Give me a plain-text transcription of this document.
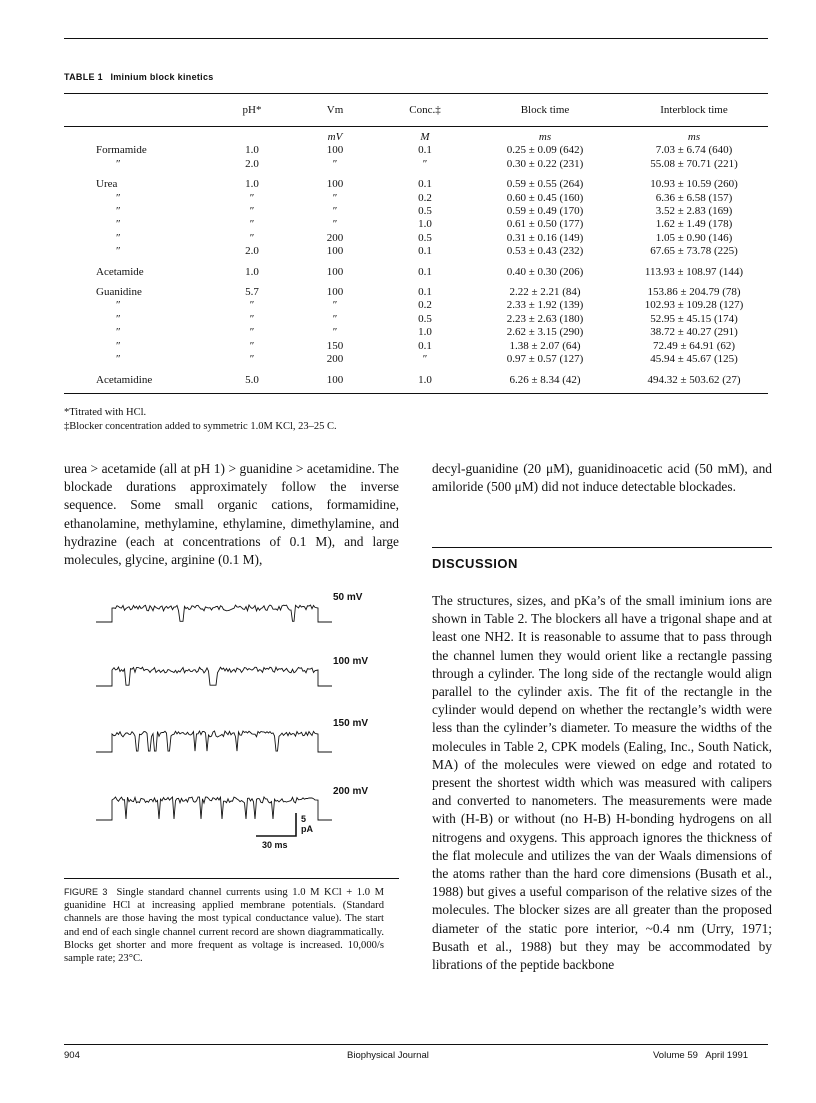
TABLE 1 Iminium block kinetics
	pH*	Vm	Conc.‡	Block time	Interblock time
		mV	M	ms	ms
Formamide	1.0	100	0.1	0.25 ± 0.09 (642)	7.03 ± 6.74 (640)
″	2.0	″	″	0.30 ± 0.22 (231)	55.08 ± 70.71 (221)
Urea	1.0	100	0.1	0.59 ± 0.55 (264)	10.93 ± 10.59 (260)
″	″	″	0.2	0.60 ± 0.45 (160)	6.36 ± 6.58 (157)
″	″	″	0.5	0.59 ± 0.49 (170)	3.52 ± 2.83 (169)
″	″	″	1.0	0.61 ± 0.50 (177)	1.62 ± 1.49 (178)
″	″	200	0.5	0.31 ± 0.16 (149)	1.05 ± 0.90 (146)
″	2.0	100	0.1	0.53 ± 0.43 (232)	67.65 ± 73.78 (225)
Acetamide	1.0	100	0.1	0.40 ± 0.30 (206)	113.93 ± 108.97 (144)
Guanidine	5.7	100	0.1	2.22 ± 2.21 (84)	153.86 ± 204.79 (78)
″	″	″	0.2	2.33 ± 1.92 (139)	102.93 ± 109.28 (127)
″	″	″	0.5	2.23 ± 2.63 (180)	52.95 ± 45.15 (174)
″	″	″	1.0	2.62 ± 3.15 (290)	38.72 ± 40.27 (291)
″	″	150	0.1	1.38 ± 2.07 (64)	72.49 ± 64.91 (62)
″	″	200	″	0.97 ± 0.57 (127)	45.94 ± 45.67 (125)
Acetamidine	5.0	100	1.0	6.26 ± 8.34 (42)	494.32 ± 503.62 (27)
*Titrated with HCl.
‡Blocker concentration added to symmetric 1.0M KCl, 23–25 C.

urea > acetamide (all at pH 1) > guanidine > acetamidine. The blockade durations approximately follow the inverse sequence. Some small organic cations, formamidine, ethanolamine, methylamine, ethylamine, dimethylamine, and hydrazine (each at concentrations of 0.1 M), and large molecules, glycine, arginine (0.1 M),

decyl-guanidine (20 μM), guanidinoacetic acid (50 mM), and amiloride (500 μM) did not induce detectable blockades.

DISCUSSION

The structures, sizes, and pKa’s of the small iminium ions are shown in Table 2. The blockers all have a trigonal shape and at least one NH2. It is reasonable to assume that to pass through the channel lumen they would orient like a rectangle passing through a cylinder. The long side of the rectangle would align parallel to the cylinder axis. The fit of the rectangle in the cylinder would depend on whether the rectangle’s width were less than the cylinder’s diameter. To measure the widths of the molecules in Table 2, CPK models (Ealing, Inc., South Natick, MA) of the molecules were viewed on edge and rotated to present the shortest width which was measured with calipers and converted to nanometers. The measurements were made with (H-B) or without (no H-B) H-bonding hydrogens on all nitrogens and oxygens. This approach ignores the thickness of the flat molecule and utilizes the van der Waals dimensions of the atoms rather than the hard core dimensions (Busath et al., 1988) but gives a useful comparison of the relative sizes of the molecules. The blocker sizes are all greater than the proposed diameter of the static pore interior, ~0.4 nm (Urry, 1971; Busath et al., 1988) but they may be accommodated by librations of the peptide backbone

50 mV
100 mV
150 mV
200 mV
5
pA
30 ms
FIGURE 3 Single standard channel currents using 1.0 M KCl + 1.0 M guanidine HCl at increasing applied membrane potentials. (Standard channels are those having the most typical conductance value). The start and end of each single channel current record are shown diagrammatically. Blocks get shorter and more frequent as voltage is increased. 10,000/s sample rate; 23°C.
904	Biophysical Journal	Volume 59   April 1991
